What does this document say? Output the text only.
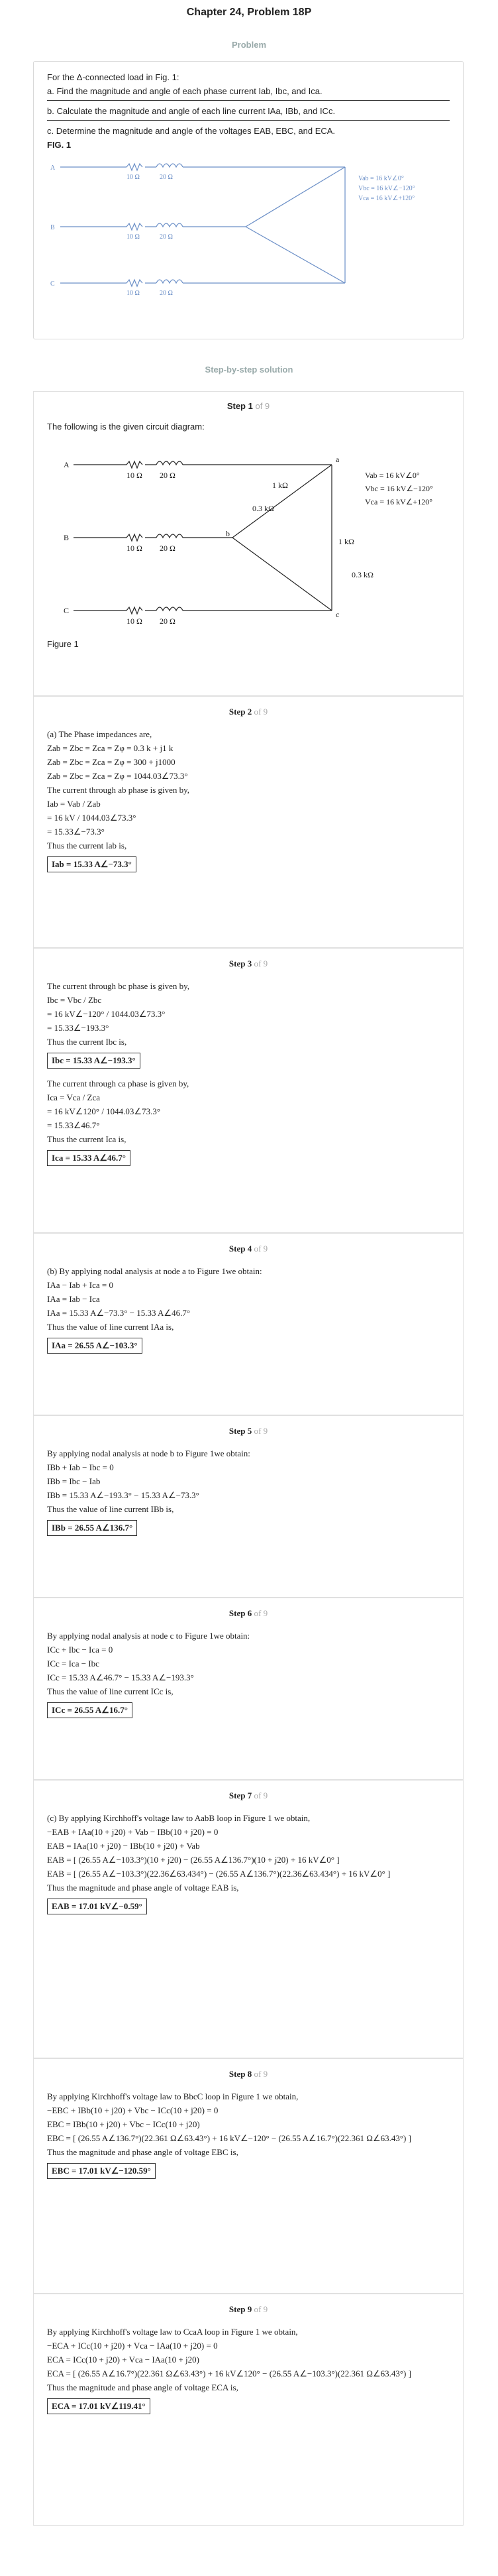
Chapter 24, Problem 18P
Problem

For the Δ-connected load in Fig. 1:

a. Find the magnitude and angle of each phase current Iab, Ibc, and Ica.

b. Calculate the magnitude and angle of each line current IAa, IBb, and ICc.

c. Determine the magnitude and angle of the voltages EAB, EBC, and ECA.

FIG. 1

A
B
C
10 Ω	20 Ω
10 Ω	20 Ω
10 Ω	20 Ω
Vab = 16 kV∠0°
Vbc = 16 kV∠−120°
Vca = 16 kV∠+120°
Step-by-step solution
Step 1 of 9
The following is the given circuit diagram:
A
B
C
b
a
c
10 Ω 20 Ω
10 Ω 20 Ω
10 Ω 20 Ω
1 kΩ
0.3 kΩ
1 kΩ
0.3 kΩ
Vab = 16 kV∠0°
Vbc = 16 kV∠−120°
Vca = 16 kV∠+120°
Figure 1
Step 2 of 9
(a) The Phase impedances are,
Zab = Zbc = Zca = Zφ = 0.3 k + j1 k
Zab = Zbc = Zca = Zφ = 300 + j1000
Zab = Zbc = Zca = Zφ = 1044.03∠73.3°
The current through ab phase is given by,
Iab = Vab / Zab
= 16 kV / 1044.03∠73.3°
= 15.33∠−73.3°
Thus the current Iab is,
Iab = 15.33 A∠−73.3°
Step 3 of 9
The current through bc phase is given by,
Ibc = Vbc / Zbc
= 16 kV∠−120° / 1044.03∠73.3°
= 15.33∠−193.3°
Thus the current Ibc is,
Ibc = 15.33 A∠−193.3°
The current through ca phase is given by,
Ica = Vca / Zca
= 16 kV∠120° / 1044.03∠73.3°
= 15.33∠46.7°
Thus the current Ica is,
Ica = 15.33 A∠46.7°
Step 4 of 9
(b) By applying nodal analysis at node a to Figure 1we obtain:
IAa − Iab + Ica = 0
IAa = Iab − Ica
IAa = 15.33 A∠−73.3° − 15.33 A∠46.7°
Thus the value of line current IAa is,
IAa = 26.55 A∠−103.3°
Step 5 of 9
By applying nodal analysis at node b to Figure 1we obtain:
IBb + Iab − Ibc = 0
IBb = Ibc − Iab
IBb = 15.33 A∠−193.3° − 15.33 A∠−73.3°
Thus the value of line current IBb is,
IBb = 26.55 A∠136.7°
Step 6 of 9
By applying nodal analysis at node c to Figure 1we obtain:
ICc + Ibc − Ica = 0
ICc = Ica − Ibc
ICc = 15.33 A∠46.7° − 15.33 A∠−193.3°
Thus the value of line current ICc is,
ICc = 26.55 A∠16.7°
Step 7 of 9
(c) By applying Kirchhoff's voltage law to AabB loop in Figure 1 we obtain,
−EAB + IAa(10 + j20) + Vab − IBb(10 + j20) = 0
EAB = IAa(10 + j20) − IBb(10 + j20) + Vab
EAB = [ (26.55 A∠−103.3°)(10 + j20) − (26.55 A∠136.7°)(10 + j20) + 16 kV∠0° ]
EAB = [ (26.55 A∠−103.3°)(22.36∠63.434°) − (26.55 A∠136.7°)(22.36∠63.434°) + 16 kV∠0° ]
Thus the magnitude and phase angle of voltage EAB is,
EAB = 17.01 kV∠−0.59°
Step 8 of 9
By applying Kirchhoff's voltage law to BbcC loop in Figure 1 we obtain,
−EBC + IBb(10 + j20) + Vbc − ICc(10 + j20) = 0
EBC = IBb(10 + j20) + Vbc − ICc(10 + j20)
EBC = [ (26.55 A∠136.7°)(22.361 Ω∠63.43°) + 16 kV∠−120° − (26.55 A∠16.7°)(22.361 Ω∠63.43°) ]
Thus the magnitude and phase angle of voltage EBC is,
EBC = 17.01 kV∠−120.59°
Step 9 of 9
By applying Kirchhoff's voltage law to CcaA loop in Figure 1 we obtain,
−ECA + ICc(10 + j20) + Vca − IAa(10 + j20) = 0
ECA = ICc(10 + j20) + Vca − IAa(10 + j20)
ECA = [ (26.55 A∠16.7°)(22.361 Ω∠63.43°) + 16 kV∠120° − (26.55 A∠−103.3°)(22.361 Ω∠63.43°) ]
Thus the magnitude and phase angle of voltage ECA is,
ECA = 17.01 kV∠119.41°
